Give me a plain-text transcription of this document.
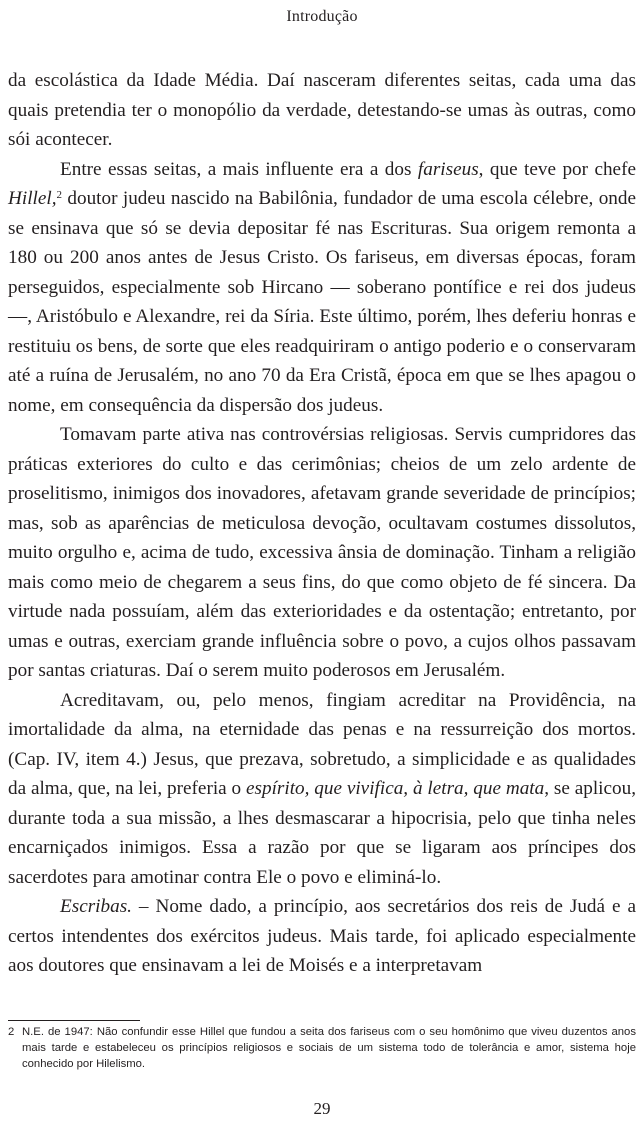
Introdução

da escolástica da Idade Média. Daí nasceram diferentes seitas, cada uma das quais pretendia ter o monopólio da verdade, detestando-se umas às outras, como sói acontecer.

Entre essas seitas, a mais influente era a dos fariseus, que teve por chefe Hillel,$^2$ doutor judeu nascido na Babilônia, fundador de uma escola célebre, onde se ensinava que só se devia depositar fé nas Escrituras. Sua origem remonta a 180 ou 200 anos antes de Jesus Cristo. Os fariseus, em diversas épocas, foram perseguidos, especialmente sob Hircano — soberano pontífice e rei dos judeus —, Aristóbulo e Alexandre, rei da Síria. Este último, porém, lhes deferiu honras e restituiu os bens, de sorte que eles readquiriram o antigo poderio e o conservaram até a ruína de Jerusalém, no ano 70 da Era Cristã, época em que se lhes apagou o nome, em consequência da dispersão dos judeus.

Tomavam parte ativa nas controvérsias religiosas. Servis cumpridores das práticas exteriores do culto e das cerimônias; cheios de um zelo ardente de proselitismo, inimigos dos inovadores, afetavam grande severidade de princípios; mas, sob as aparências de meticulosa devoção, ocultavam costumes dissolutos, muito orgulho e, acima de tudo, excessiva ânsia de dominação. Tinham a religião mais como meio de chegarem a seus fins, do que como objeto de fé sincera. Da virtude nada possuíam, além das exterioridades e da ostentação; entretanto, por umas e outras, exerciam grande influência sobre o povo, a cujos olhos passavam por santas criaturas. Daí o serem muito poderosos em Jerusalém.

Acreditavam, ou, pelo menos, fingiam acreditar na Providência, na imortalidade da alma, na eternidade das penas e na ressurreição dos mortos. (Cap. IV, item 4.) Jesus, que prezava, sobretudo, a simplicidade e as qualidades da alma, que, na lei, preferia o espírito, que vivifica, à letra, que mata, se aplicou, durante toda a sua missão, a lhes desmascarar a hipocrisia, pelo que tinha neles encarniçados inimigos. Essa a razão por que se ligaram aos príncipes dos sacerdotes para amotinar contra Ele o povo e eliminá-lo.

Escribas. – Nome dado, a princípio, aos secretários dos reis de Judá e a certos intendentes dos exércitos judeus. Mais tarde, foi aplicado especialmente aos doutores que ensinavam a lei de Moisés e a interpretavam

2 N.E. de 1947: Não confundir esse Hillel que fundou a seita dos fariseus com o seu homônimo que viveu duzentos anos mais tarde e estabeleceu os princípios religiosos e sociais de um sistema todo de tolerância e amor, sistema hoje conhecido por Hilelismo.
29
